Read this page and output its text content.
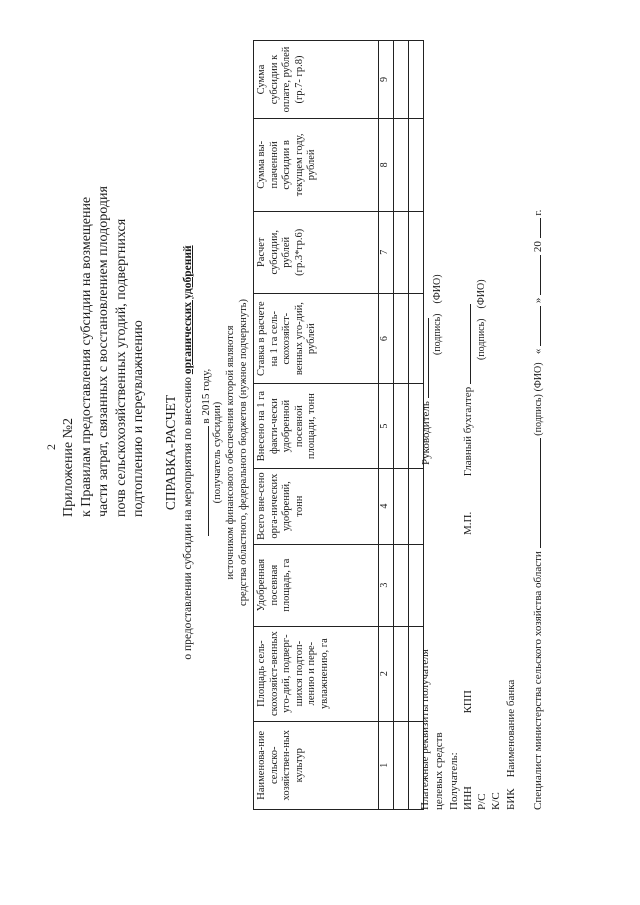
2 Приложение №2 к Правилам предоставления субсидии на возмещение части затрат, связанных с восстановлением плодородия почв сельскохозяйственных угодий, подвергнихся подтоплению и переувлажнению СПРАВКА-РАСЧЕТ о предоставлении субсидии на мероприятия по внесению органических удобрений
в 2015 году,
(получатель субсидии) источником финансового обеспечения которой являются средства областного, федерального бюджетов (нужное подчеркнуть)
Наименова-ние сельско-хозяйствен-ных культур	Площадь сель-скохозяйст-венных уго-дий, подверг-шихся подтоп-лению и пере-увлажнению, га	Удобренная посевная площадь, га	Всего вне-сено орга-нических удобрений, тонн	Внесено на 1 га факти-чески удобренной посевной площади, тонн	Ставка в расчете на 1 га сель-скохозяйст-венных уго-дий, рублей	Расчет субсидии, рублей (гр.3*гр.6)	Сумма вы-плаченной субсидии в текущем году, рублей	Сумма субсидии к оплате, рублей (гр.7- гр.8)
1	2	3	4	5	6	7	8	9

Платежные реквизиты получателя целевых средств Получатель: ИНН КПП
Р/С К/С БИК    Наименование банка
Руководитель
(подпись)    (ФИО)
М.П.  Главный бухгалтер
(подпись)    (ФИО)
Специалист министерства сельского хозяйства области  (подпись) (ФИО)   «  »  20  г.
